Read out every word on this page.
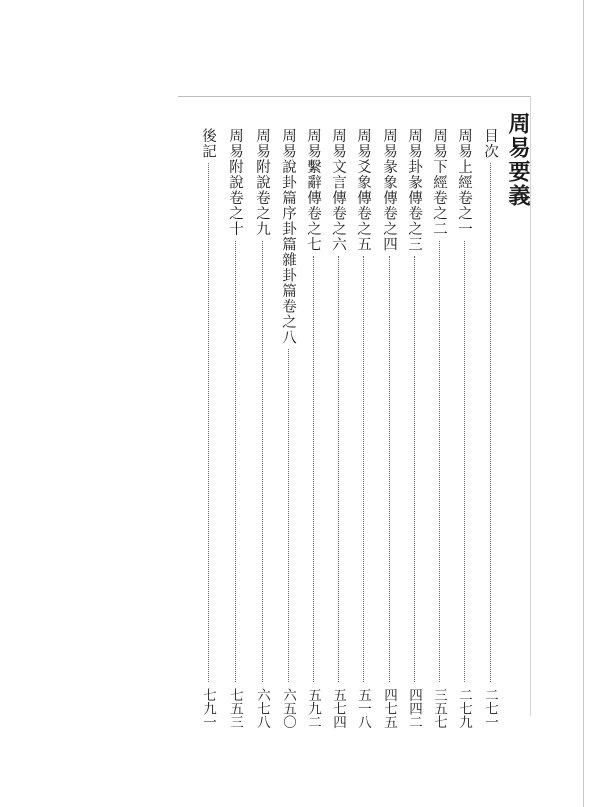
周易要義
目次
二七一
周易上經卷之一
二七九
周易下經卷之二
三五七
周易卦彖傳卷之三
四四二
周易彖象傳卷之四
四七五
周易爻象傳卷之五
五一八
周易文言傳卷之六
五七四
周易繫辭傳卷之七
五九二
周易說卦篇序卦篇雜卦篇卷之八
六五〇
周易附說卷之九
六七八
周易附說卷之十
七五三
後記
七九一
